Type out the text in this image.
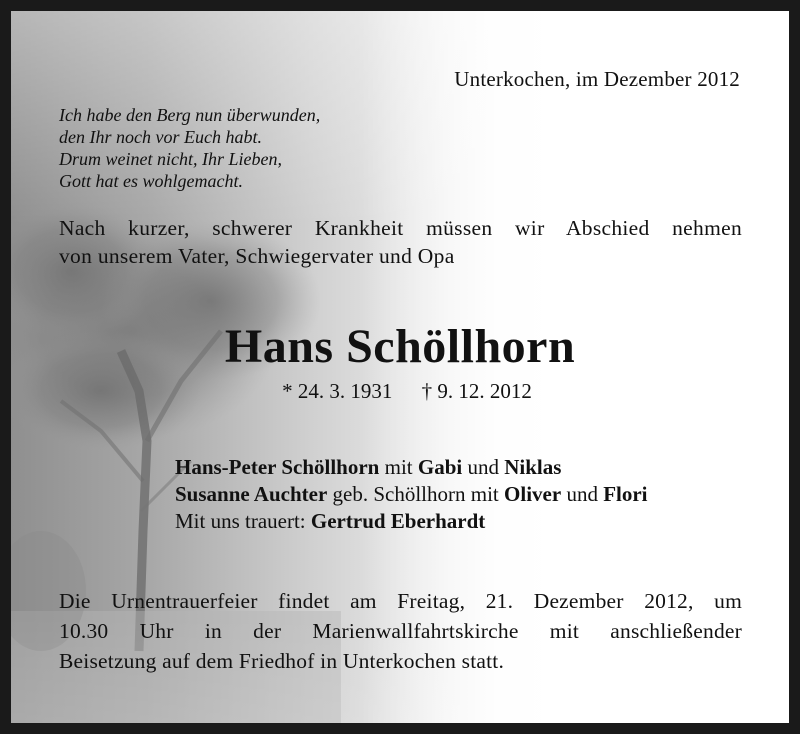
Unterkochen, im Dezember 2012
Ich habe den Berg nun überwunden,
den Ihr noch vor Euch habt.
Drum weinet nicht, Ihr Lieben,
Gott hat es wohlgemacht.
Nach kurzer, schwerer Krankheit müssen wir Abschied nehmen
von unserem Vater, Schwiegervater und Opa
Hans Schöllhorn
* 24. 3. 1931 † 9. 12. 2012
Hans-Peter Schöllhorn mit Gabi und Niklas
Susanne Auchter geb. Schöllhorn mit Oliver und Flori
Mit uns trauert: Gertrud Eberhardt
Die Urnentrauerfeier findet am Freitag, 21. Dezember 2012, um
10.30 Uhr in der Marienwallfahrtskirche mit anschließender
Beisetzung auf dem Friedhof in Unterkochen statt.
